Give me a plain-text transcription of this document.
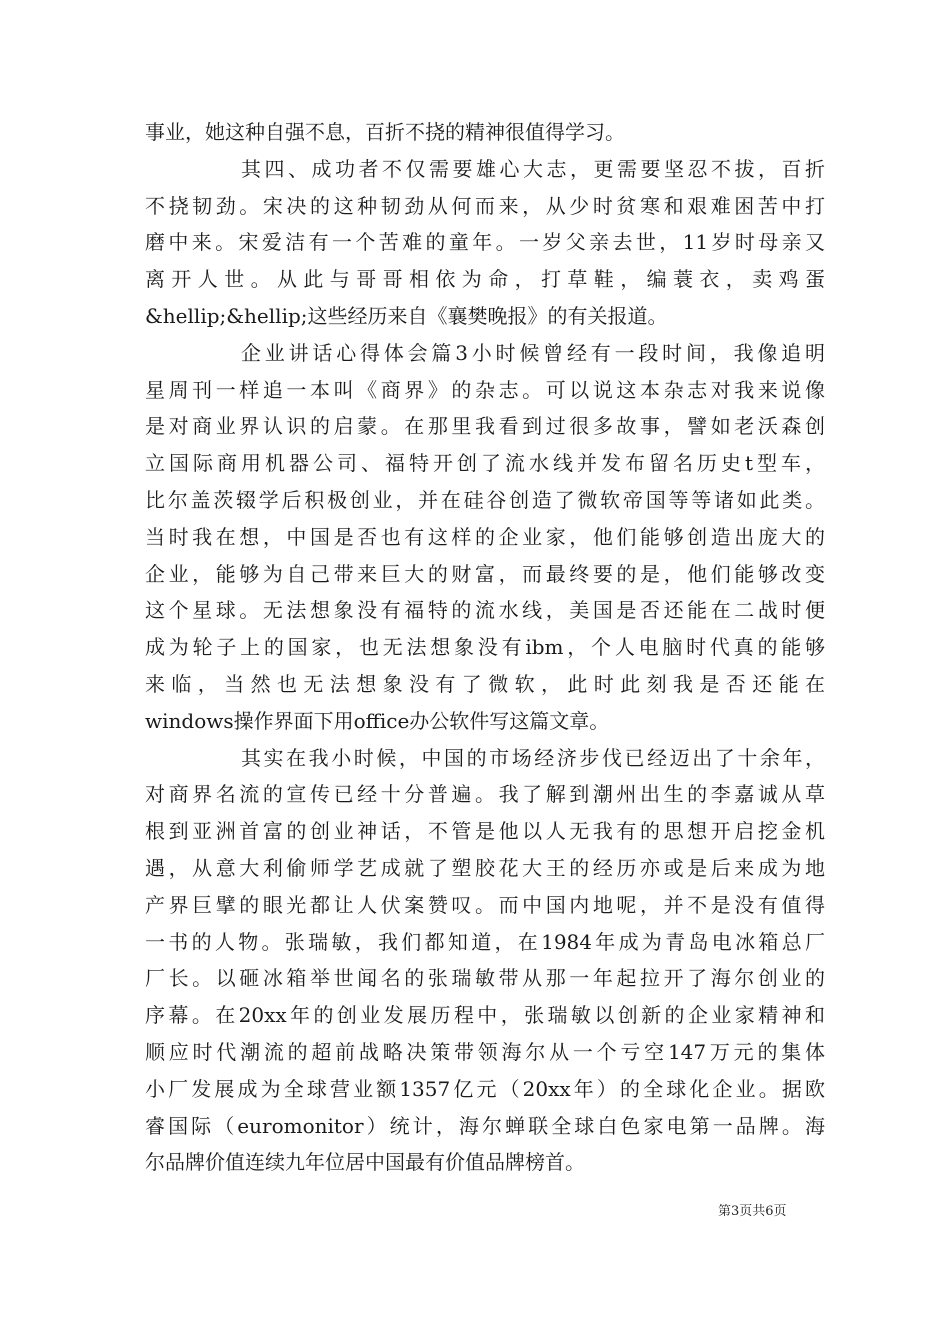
事业，她这种自强不息，百折不挠的精神很值得学习。
其四、成功者不仅需要雄心大志，更需要坚忍不拔，百折
不挠韧劲。宋决的这种韧劲从何而来，从少时贫寒和艰难困苦中打
磨中来。宋爱洁有一个苦难的童年。一岁父亲去世，11岁时母亲又
离开人世。从此与哥哥相依为命，打草鞋，编蓑衣，卖鸡蛋
&hellip;&hellip;这些经历来自《襄樊晚报》的有关报道。
企业讲话心得体会篇3小时候曾经有一段时间，我像追明
星周刊一样追一本叫《商界》的杂志。可以说这本杂志对我来说像
是对商业界认识的启蒙。在那里我看到过很多故事，譬如老沃森创
立国际商用机器公司、福特开创了流水线并发布留名历史t型车，
比尔盖茨辍学后积极创业，并在硅谷创造了微软帝国等等诸如此类。
当时我在想，中国是否也有这样的企业家，他们能够创造出庞大的
企业，能够为自己带来巨大的财富，而最终要的是，他们能够改变
这个星球。无法想象没有福特的流水线，美国是否还能在二战时便
成为轮子上的国家，也无法想象没有ibm，个人电脑时代真的能够
来临，当然也无法想象没有了微软，此时此刻我是否还能在
windows操作界面下用office办公软件写这篇文章。
其实在我小时候，中国的市场经济步伐已经迈出了十余年，
对商界名流的宣传已经十分普遍。我了解到潮州出生的李嘉诚从草
根到亚洲首富的创业神话，不管是他以人无我有的思想开启挖金机
遇，从意大利偷师学艺成就了塑胶花大王的经历亦或是后来成为地
产界巨擘的眼光都让人伏案赞叹。而中国内地呢，并不是没有值得
一书的人物。张瑞敏，我们都知道，在1984年成为青岛电冰箱总厂
厂长。以砸冰箱举世闻名的张瑞敏带从那一年起拉开了海尔创业的
序幕。在20xx年的创业发展历程中，张瑞敏以创新的企业家精神和
顺应时代潮流的超前战略决策带领海尔从一个亏空147万元的集体
小厂发展成为全球营业额1357亿元（20xx年）的全球化企业。据欧
睿国际（euromonitor）统计，海尔蝉联全球白色家电第一品牌。海
尔品牌价值连续九年位居中国最有价值品牌榜首。
第3页共6页
